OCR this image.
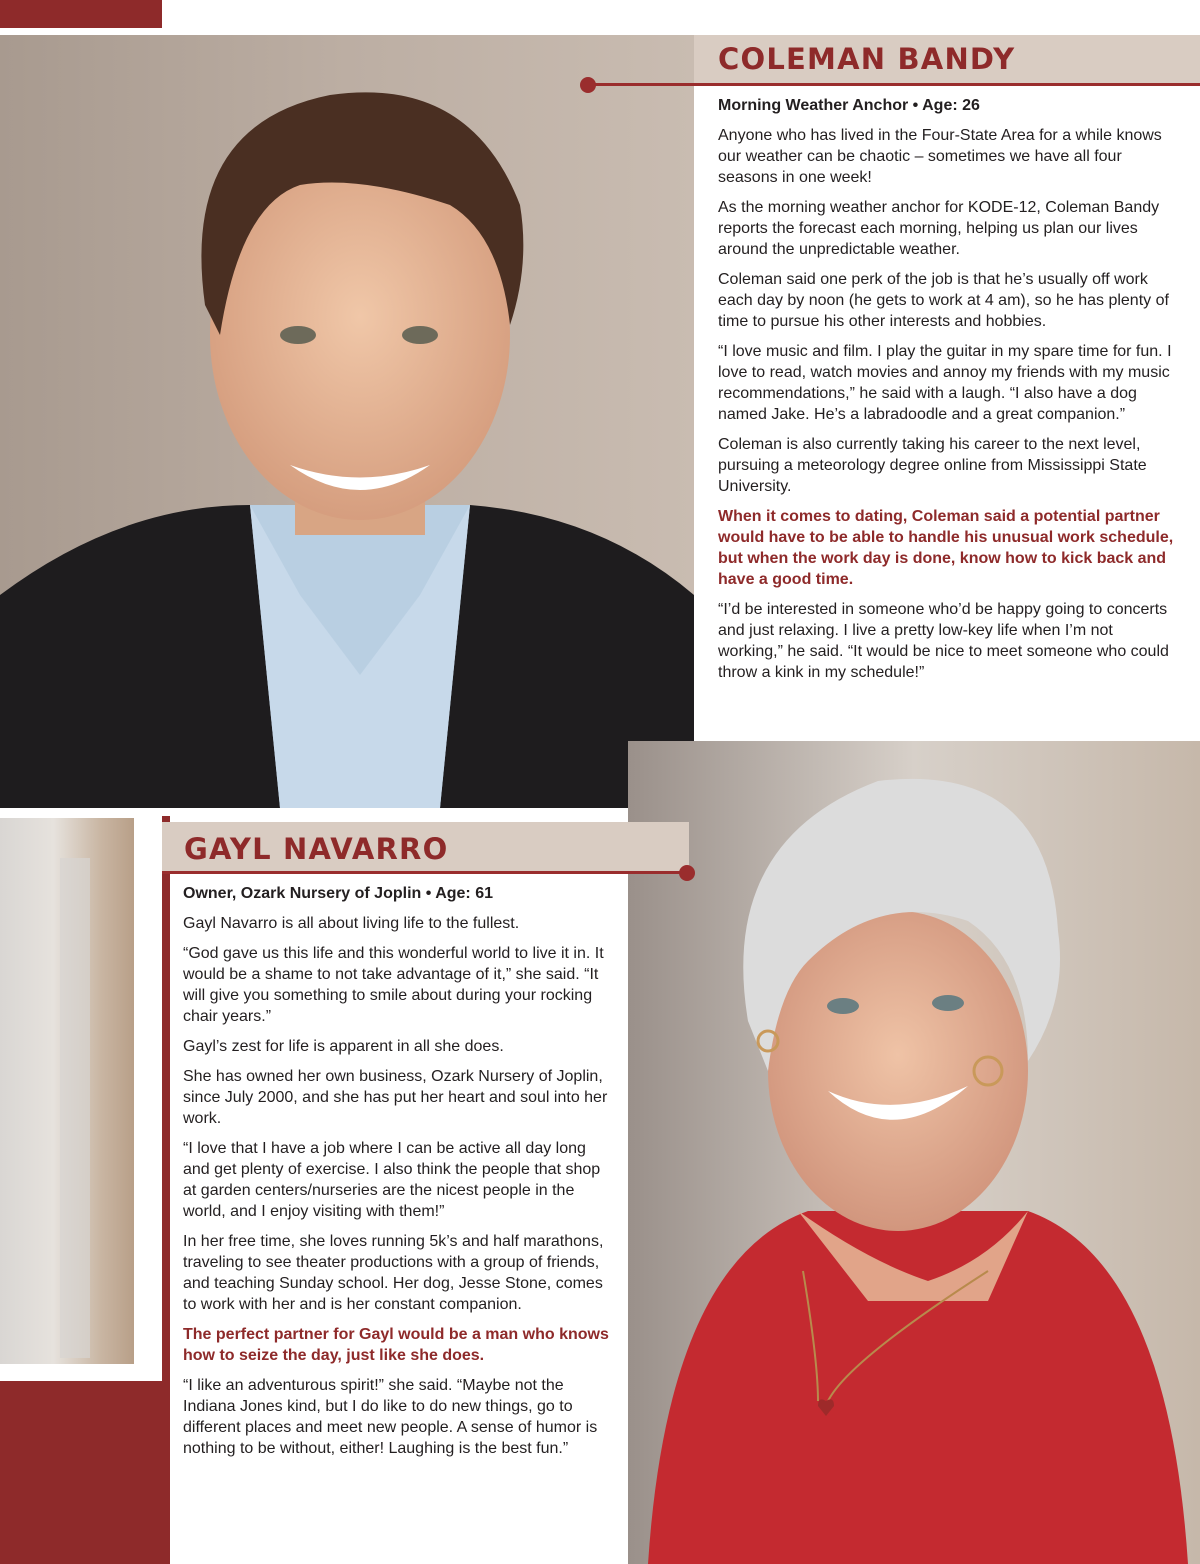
COLEMAN BANDY

Morning Weather Anchor • Age: 26

Anyone who has lived in the Four-State Area for a while knows our weather can be chaotic – sometimes we have all four seasons in one week!

As the morning weather anchor for KODE-12, Coleman Bandy reports the forecast each morning, helping us plan our lives around the unpredictable weather.

Coleman said one perk of the job is that he’s usually off work each day by noon (he gets to work at 4 am), so he has plenty of time to pursue his other interests and hobbies.

“I love music and film. I play the guitar in my spare time for fun. I love to read, watch movies and annoy my friends with my music recommendations,” he said with a laugh. “I also have a dog named Jake. He’s a labradoodle and a great companion.”

Coleman is also currently taking his career to the next level, pursuing a meteorology degree online from Mississippi State University.

When it comes to dating, Coleman said a potential partner would have to be able to handle his unusual work schedule, but when the work day is done, know how to kick back and have a good time.

“I’d be interested in someone who’d be happy going to concerts and just relaxing. I live a pretty low-key life when I’m not working,” he said. “It would be nice to meet someone who could throw a kink in my schedule!”

GAYL NAVARRO

Owner, Ozark Nursery of Joplin • Age: 61

Gayl Navarro is all about living life to the fullest.

“God gave us this life and this wonderful world to live it in. It would be a shame to not take advantage of it,” she said. “It will give you something to smile about during your rocking chair years.”

Gayl’s zest for life is apparent in all she does.

She has owned her own business, Ozark Nursery of Joplin, since July 2000, and she has put her heart and soul into her work.

“I love that I have a job where I can be active all day long and get plenty of exercise. I also think the people that shop at garden centers/nurseries are the nicest people in the world, and I enjoy visiting with them!”

In her free time, she loves running 5k’s and half marathons, traveling to see theater productions with a group of friends, and teaching Sunday school. Her dog, Jesse Stone, comes to work with her and is her constant companion.

The perfect partner for Gayl would be a man who knows how to seize the day, just like she does.

“I like an adventurous spirit!” she said. “Maybe not the Indiana Jones kind, but I do like to do new things, go to different places and meet new people. A sense of humor is nothing to be without, either! Laughing is the best fun.”
